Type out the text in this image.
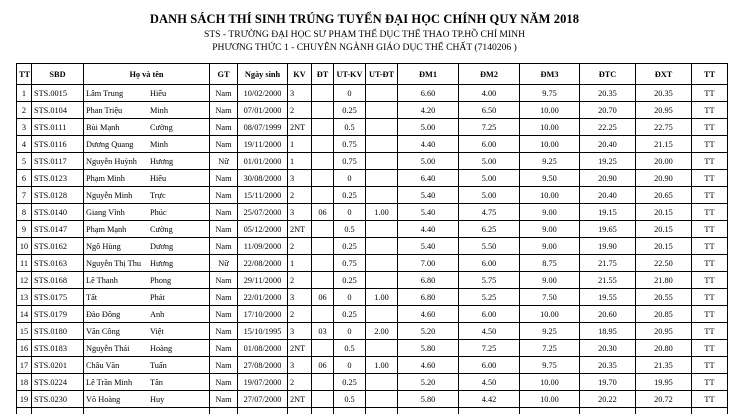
DANH SÁCH THÍ SINH TRÚNG TUYỂN ĐẠI HỌC CHÍNH QUY NĂM 2018
STS - TRƯỜNG ĐẠI HỌC SƯ PHẠM THỂ DỤC THỂ THAO TP.HỒ CHÍ MINH
PHƯƠNG THỨC 1 - CHUYÊN NGÀNH GIÁO DỤC THỂ CHẤT (7140206 )
TT	SBD	Họ và tên	GT	Ngày sinh	KV	ĐT	UT-KV	UT-ĐT	ĐM1	ĐM2	ĐM3	ĐTC	ĐXT	TT
1	STS.0015	Lâm Trung Hiếu	Nam	10/02/2000	3		0		6.60	4.00	9.75	20.35	20.35	TT
2	STS.0104	Phan Triệu Minh	Nam	07/01/2000	2		0.25		4.20	6.50	10.00	20.70	20.95	TT
3	STS.0111	Bùi Mạnh Cường	Nam	08/07/1999	2NT		0.5		5.00	7.25	10.00	22.25	22.75	TT
4	STS.0116	Dương Quang Minh	Nam	19/11/2000	1		0.75		4.40	6.00	10.00	20.40	21.15	TT
5	STS.0117	Nguyễn Huỳnh Hương	Nữ	01/01/2000	1		0.75		5.00	5.00	9.25	19.25	20.00	TT
6	STS.0123	Phạm Minh Hiếu	Nam	30/08/2000	3		0		6.40	5.00	9.50	20.90	20.90	TT
7	STS.0128	Nguyễn Minh Trực	Nam	15/11/2000	2		0.25		5.40	5.00	10.00	20.40	20.65	TT
8	STS.0140	Giang Vĩnh Phúc	Nam	25/07/2000	3	06	0	1.00	5.40	4.75	9.00	19.15	20.15	TT
9	STS.0147	Phạm Mạnh Cường	Nam	05/12/2000	2NT		0.5		4.40	6.25	9.00	19.65	20.15	TT
10	STS.0162	Ngô Hùng Dương	Nam	11/09/2000	2		0.25		5.40	5.50	9.00	19.90	20.15	TT
11	STS.0163	Nguyễn Thị Thu Hương	Nữ	22/08/2000	1		0.75		7.00	6.00	8.75	21.75	22.50	TT
12	STS.0168	Lê Thanh Phong	Nam	29/11/2000	2		0.25		6.80	5.75	9.00	21.55	21.80	TT
13	STS.0175	Tất Phát	Nam	22/01/2000	3	06	0	1.00	6.80	5.25	7.50	19.55	20.55	TT
14	STS.0179	Đào Đông Anh	Nam	17/10/2000	2		0.25		4.60	6.00	10.00	20.60	20.85	TT
15	STS.0180	Văn Công Việt	Nam	15/10/1995	3	03	0	2.00	5.20	4.50	9.25	18.95	20.95	TT
16	STS.0183	Nguyễn Thái Hoàng	Nam	01/08/2000	2NT		0.5		5.80	7.25	7.25	20.30	20.80	TT
17	STS.0201	Châu Văn Tuấn	Nam	27/08/2000	3	06	0	1.00	4.60	6.00	9.75	20.35	21.35	TT
18	STS.0224	Lê Trần Minh Tân	Nam	19/07/2000	2		0.25		5.20	4.50	10.00	19.70	19.95	TT
19	STS.0230	Võ Hoàng Huy	Nam	27/07/2000	2NT		0.5		5.80	4.42	10.00	20.22	20.72	TT
